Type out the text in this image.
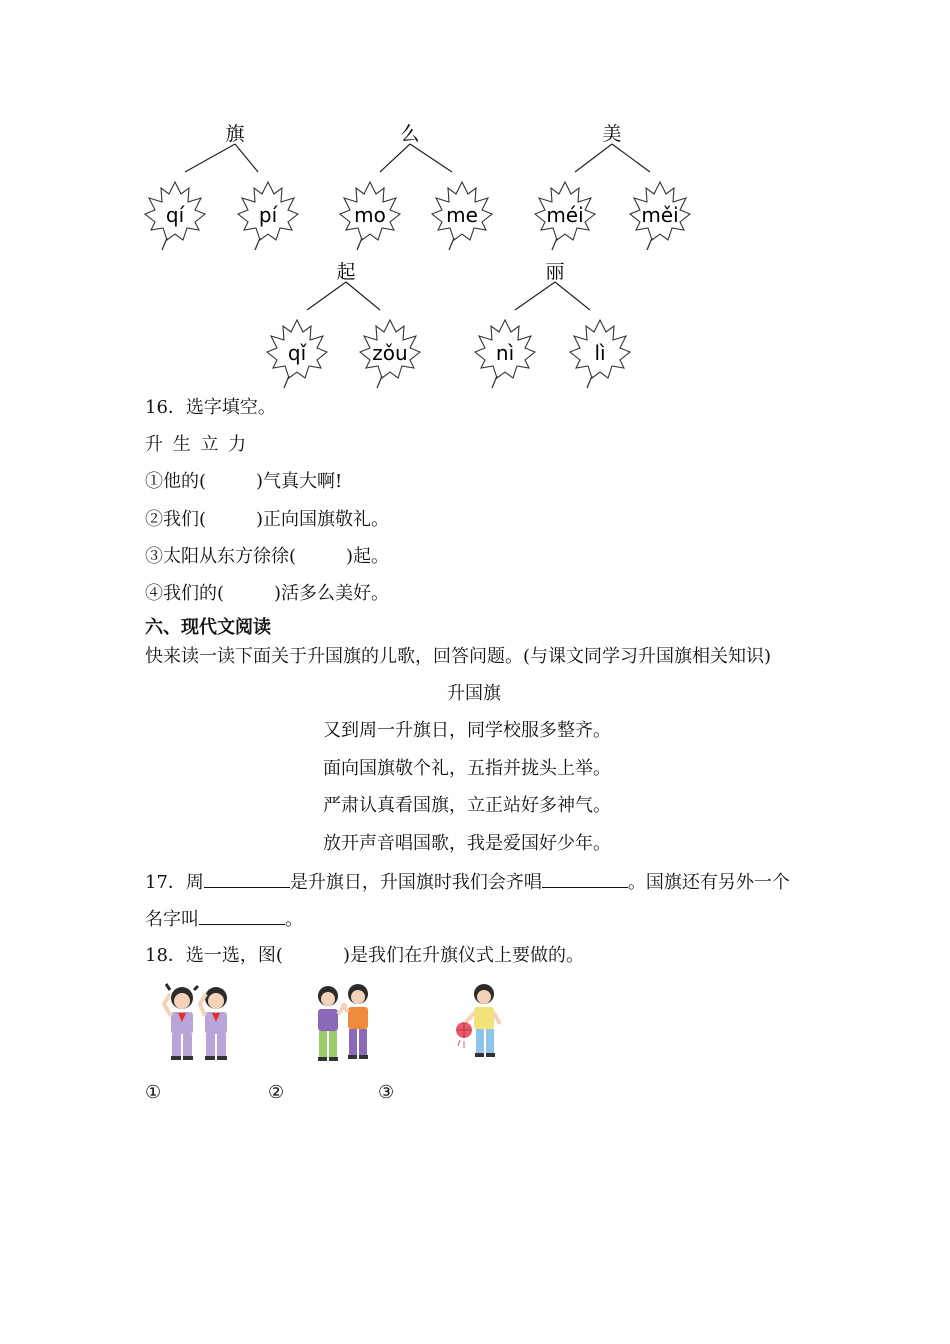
旗
qí	pí
么
mo	me
美
méi	měi
起
qǐ	zǒu
丽
nì	lì
16．选字填空。
升 生 立 力
①他的(	)气真大啊!
②我们(	)正向国旗敬礼。
③太阳从东方徐徐(	)起。
④我们的(	)活多么美好。
六、现代文阅读
快来读一读下面关于升国旗的儿歌，回答问题。(与课文同学习升国旗相关知识)
升国旗
又到周一升旗日，同学校服多整齐。
面向国旗敬个礼，五指并拢头上举。
严肃认真看国旗，立正站好多神气。
放开声音唱国歌，我是爱国好少年。
17．周	是升旗日，升国旗时我们会齐唱	。国旗还有另外一个
名字叫	。
18．选一选，图(	)是我们在升旗仪式上要做的。
①	②	③
